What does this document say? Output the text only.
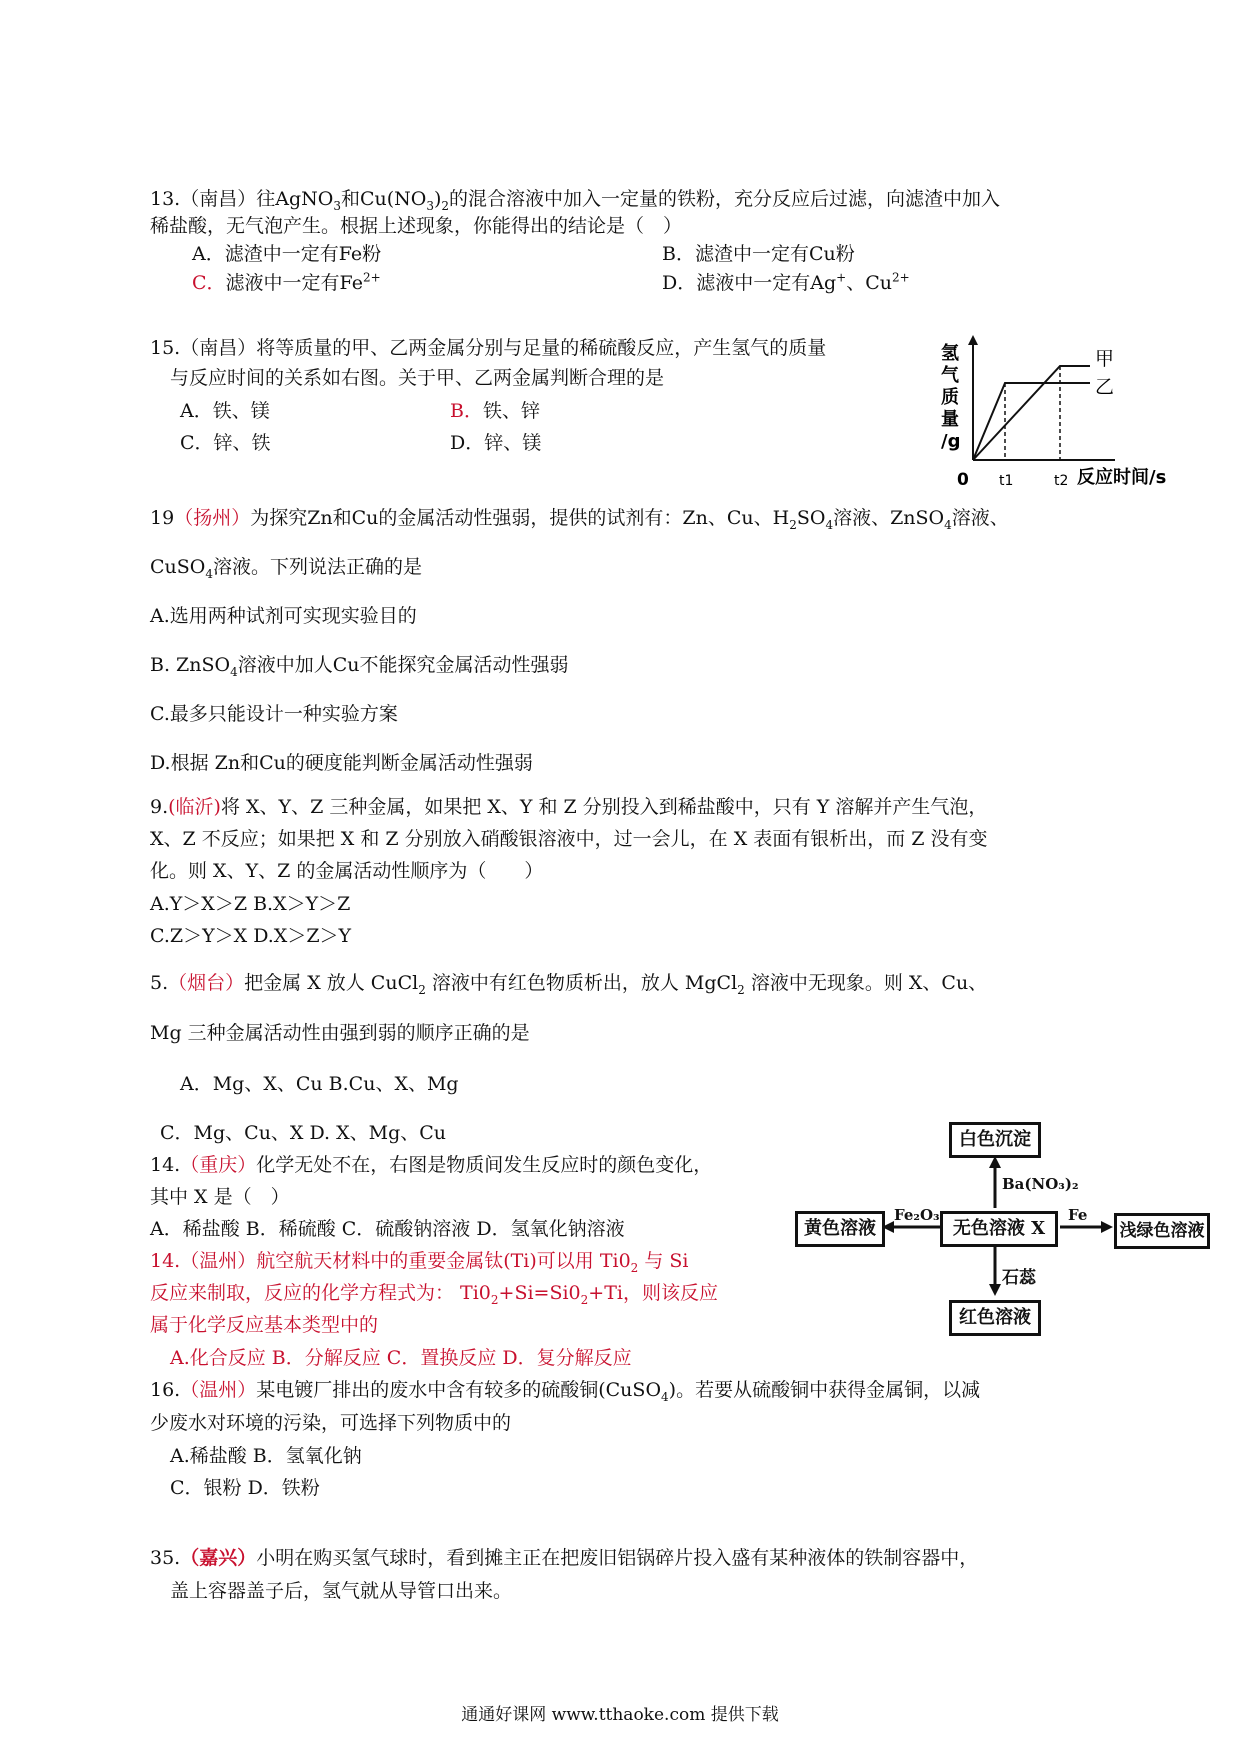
13.（南昌）往AgNO$_3$和$Cu(NO_3)_2$的混合溶液中加入一定量的铁粉，充分反应后过滤，向滤渣中加入
稀盐酸，无气泡产生。根据上述现象，你能得出的结论是（　）
A．滤渣中一定有Fe粉	B．滤渣中一定有Cu粉
C．滤液中一定有$Fe^{2+}$	D．滤液中一定有Ag+、$Cu^{2+}$
15.（南昌）将等质量的甲、乙两金属分别与足量的稀硫酸反应，产生氢气的质量
与反应时间的关系如右图。关于甲、乙两金属判断合理的是
A．铁、镁	B．铁、锌
C．锌、铁	D．锌、镁
氢
气
质
量
/g
甲
乙
0 t1	t2 反应时间/s
19（扬州）为探究Zn和Cu的金属活动性强弱，提供的试剂有：Zn、Cu、$H_2SO_4$溶液、ZnSO$_4$溶液、
CuSO$_4$溶液。下列说法正确的是
A.选用两种试剂可实现实验目的
B. ZnSO$_4$溶液中加人Cu不能探究金属活动性强弱
C.最多只能设计一种实验方案
D.根据 Zn和Cu的硬度能判断金属活动性强弱
9.(临沂)将 X、Y、Z 三种金属，如果把 X、Y 和 Z 分别投入到稀盐酸中，只有 Y 溶解并产生气泡，
X、Z 不反应；如果把 X 和 Z 分别放入硝酸银溶液中，过一会儿，在 X 表面有银析出，而 Z 没有变
化。则 X、Y、Z 的金属活动性顺序为（　　）
A.Y＞X＞Z B.X＞Y＞Z
C.Z＞Y＞X D.X＞Z＞Y
5.（烟台）把金属 X 放人 CuCl$_2$ 溶液中有红色物质析出，放人 MgCl$_2$ 溶液中无现象。则 X、Cu、
Mg 三种金属活动性由强到弱的顺序正确的是
A．Mg、X、Cu B.Cu、X、Mg
C．Mg、Cu、X D. X、Mg、Cu
14.（重庆）化学无处不在，右图是物质间发生反应时的颜色变化，
其中 X 是（　）
A．稀盐酸 B．稀硫酸 C．硫酸钠溶液 D．氢氧化钠溶液
白色沉淀
无色溶液 X
黄色溶液	浅绿色溶液
红色溶液
Ba(NO₃)₂
Fe₂O₃	Fe
石蕊
14.（温州）航空航天材料中的重要金属钛(Ti)可以用 $Ti0_2$ 与 Si
反应来制取，反应的化学方程式为： $Ti0_2+Si=Si0_2+Ti$，则该反应
属于化学反应基本类型中的
A.化合反应 B．分解反应 C．置换反应 D．复分解反应
16.（温州）某电镀厂排出的废水中含有较多的硫酸铜(CuSO$_4$)。若要从硫酸铜中获得金属铜，以减
少废水对环境的污染，可选择下列物质中的
A.稀盐酸 B．氢氧化钠
C．银粉 D．铁粉
35.（嘉兴）小明在购买氢气球时，看到摊主正在把废旧铝锅碎片投入盛有某种液体的铁制容器中，
盖上容器盖子后，氢气就从导管口出来。
通通好课网 www.tthaoke.com 提供下载
